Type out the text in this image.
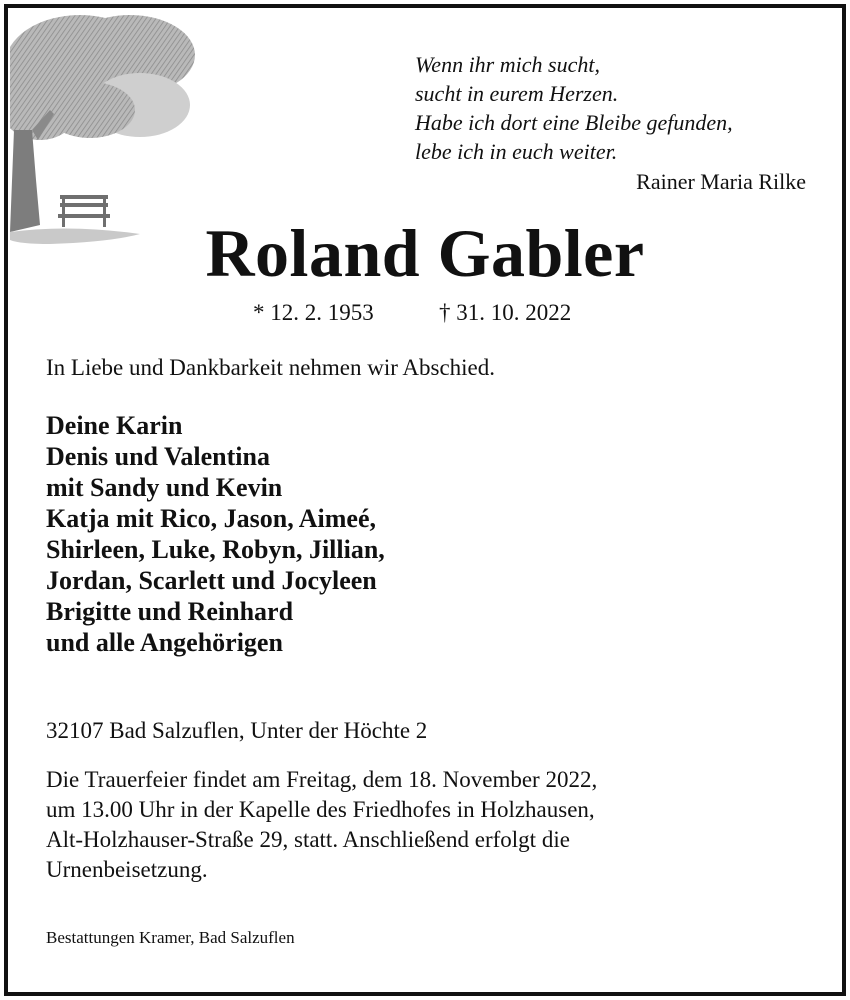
Wenn ihr mich sucht,
sucht in eurem Herzen.
Habe ich dort eine Bleibe gefunden,
lebe ich in euch weiter.
Rainer Maria Rilke
Roland Gabler
* 12. 2. 1953	† 31. 10. 2022
In Liebe und Dankbarkeit nehmen wir Abschied.
Deine Karin
Denis und Valentina
mit Sandy und Kevin
Katja mit Rico, Jason, Aimeé,
Shirleen, Luke, Robyn, Jillian,
Jordan, Scarlett und Jocyleen
Brigitte und Reinhard
und alle Angehörigen
32107 Bad Salzuflen, Unter der Höchte 2
Die Trauerfeier findet am Freitag, dem 18. November 2022,
um 13.00 Uhr in der Kapelle des Friedhofes in Holzhausen,
Alt-Holzhauser-Straße 29, statt. Anschließend erfolgt die
Urnenbeisetzung.
Bestattungen Kramer, Bad Salzuflen
